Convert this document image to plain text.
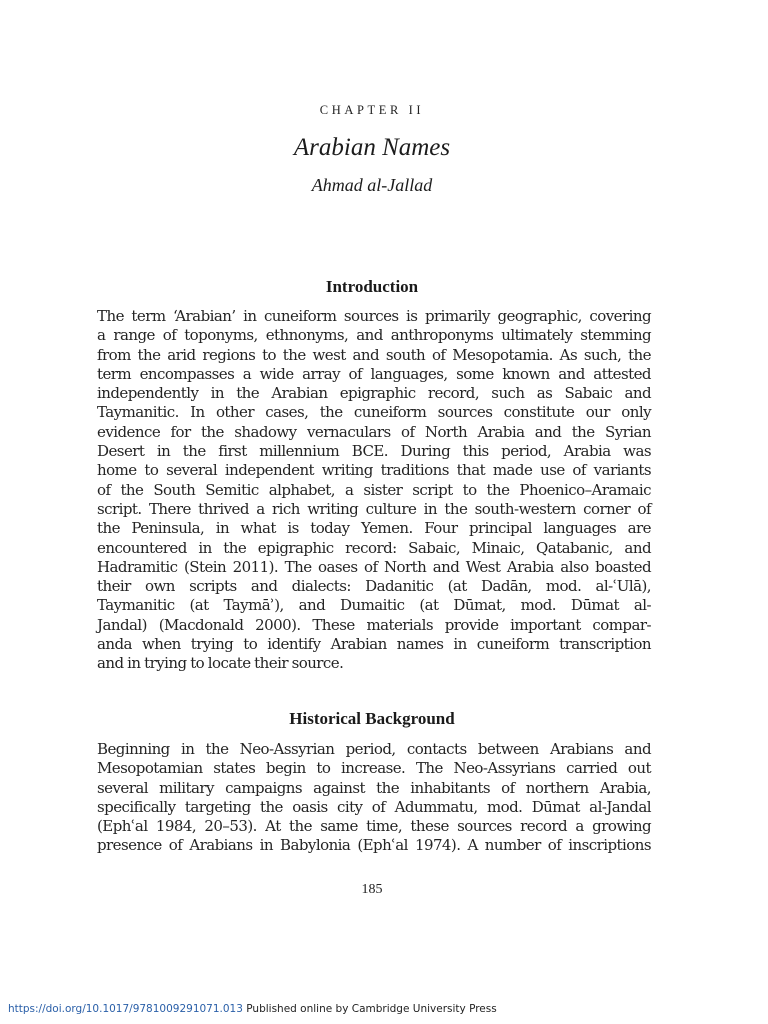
CHAPTER II
Arabian Names
Ahmad al-Jallad
Introduction
The term ‘Arabian’ in cuneiform sources is primarily geographic, covering
a range of toponyms, ethnonyms, and anthroponyms ultimately stemming
from the arid regions to the west and south of Mesopotamia. As such, the
term encompasses a wide array of languages, some known and attested
independently in the Arabian epigraphic record, such as Sabaic and
Taymanitic. In other cases, the cuneiform sources constitute our only
evidence for the shadowy vernaculars of North Arabia and the Syrian
Desert in the first millennium BCE. During this period, Arabia was
home to several independent writing traditions that made use of variants
of the South Semitic alphabet, a sister script to the Phoenico–Aramaic
script. There thrived a rich writing culture in the south-western corner of
the Peninsula, in what is today Yemen. Four principal languages are
encountered in the epigraphic record: Sabaic, Minaic, Qatabanic, and
Hadramitic (Stein 2011). The oases of North and West Arabia also boasted
their own scripts and dialects: Dadanitic (at Dadān, mod. al-ʿUlā),
Taymanitic (at Taymāʾ), and Dumaitic (at Dūmat, mod. Dūmat al-
Jandal) (Macdonald 2000). These materials provide important compar-
anda when trying to identify Arabian names in cuneiform transcription
and in trying to locate their source.
Historical Background
Beginning in the Neo-Assyrian period, contacts between Arabians and
Mesopotamian states begin to increase. The Neo-Assyrians carried out
several military campaigns against the inhabitants of northern Arabia,
specifically targeting the oasis city of Adummatu, mod. Dūmat al-Jandal
(Ephʿal 1984, 20–53). At the same time, these sources record a growing
presence of Arabians in Babylonia (Ephʿal 1974). A number of inscriptions
185
https://doi.org/10.1017/9781009291071.013 Published online by Cambridge University Press
